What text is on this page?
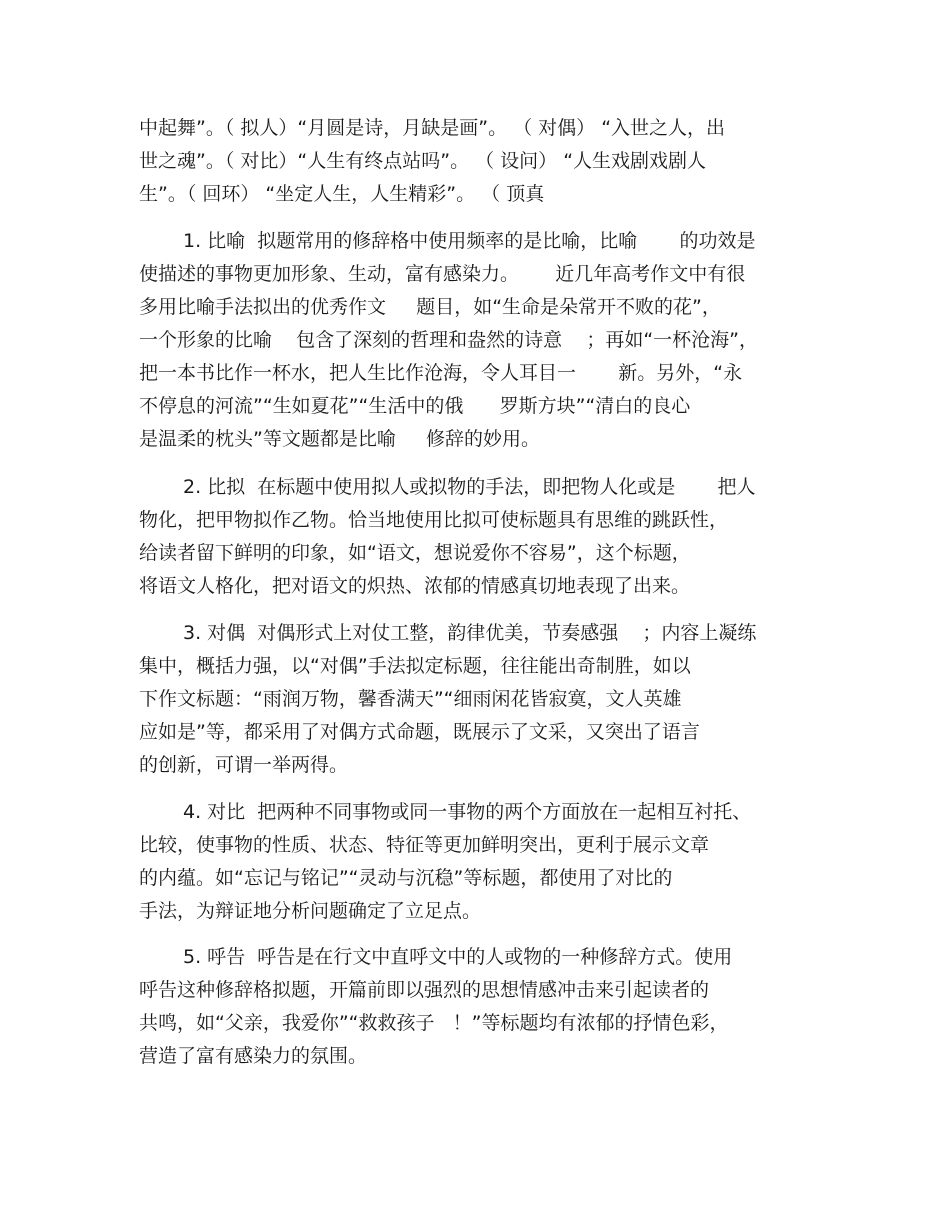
中起舞”。（ 拟人）“月圆是诗，月缺是画”。 （ 对偶） “入世之人，出
世之魂”。（ 对比）“人生有终点站吗”。 （ 设问） “人生戏剧戏剧人
生”。（ 回环） “坐定人生，人生精彩”。 （ 顶真
1. 比喻  拟题常用的修辞格中使用频率的是比喻，比喻       的功效是
使描述的事物更加形象、生动，富有感染力。      近几年高考作文中有很
多用比喻手法拟出的优秀作文     题目，如“生命是朵常开不败的花”，
一个形象的比喻    包含了深刻的哲理和盎然的诗意    ；再如“一杯沧海”，
把一本书比作一杯水，把人生比作沧海，令人耳目一       新。另外，“永
不停息的河流”“生如夏花”“生活中的俄      罗斯方块”“清白的良心
是温柔的枕头”等文题都是比喻     修辞的妙用。
2. 比拟  在标题中使用拟人或拟物的手法，即把物人化或是       把人
物化，把甲物拟作乙物。恰当地使用比拟可使标题具有思维的跳跃性，
给读者留下鲜明的印象，如“语文，想说爱你不容易”，这个标题，
将语文人格化，把对语文的炽热、浓郁的情感真切地表现了出来。
3. 对偶  对偶形式上对仗工整，韵律优美，节奏感强    ；内容上凝练
集中，概括力强，以“对偶”手法拟定标题，往往能出奇制胜，如以
下作文标题：“雨润万物，馨香满天”“细雨闲花皆寂寞，文人英雄
应如是”等，都采用了对偶方式命题，既展示了文采，又突出了语言
的创新，可谓一举两得。
4. 对比  把两种不同事物或同一事物的两个方面放在一起相互衬托、
比较，使事物的性质、状态、特征等更加鲜明突出，更利于展示文章
的内蕴。如“忘记与铭记”“灵动与沉稳”等标题，都使用了对比的
手法，为辩证地分析问题确定了立足点。
5. 呼告  呼告是在行文中直呼文中的人或物的一种修辞方式。使用
呼告这种修辞格拟题，开篇前即以强烈的思想情感冲击来引起读者的
共鸣，如“父亲，我爱你”“救救孩子   ！”等标题均有浓郁的抒情色彩，
营造了富有感染力的氛围。
